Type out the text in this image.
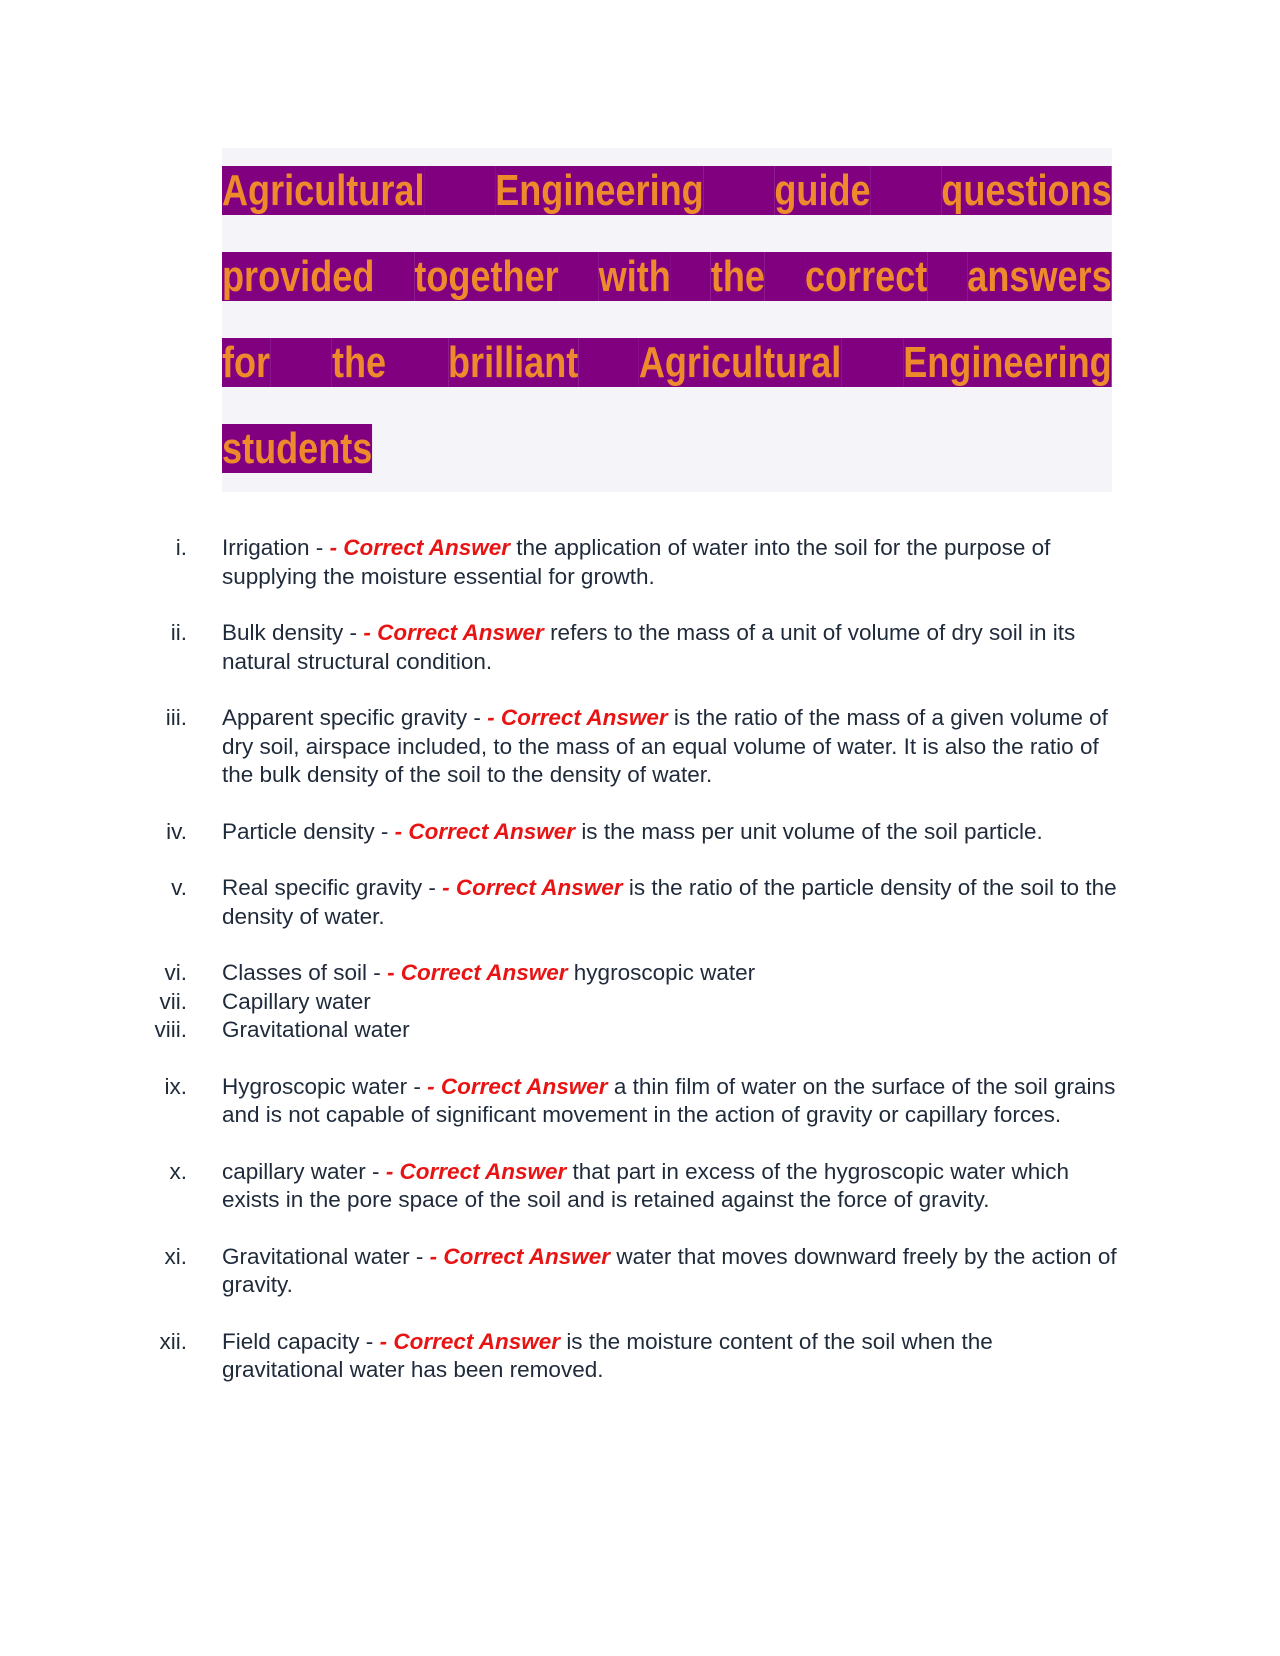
Agricultural Engineering guide questions
provided together with the correct answers
for the brilliant Agricultural Engineering
students
i. Irrigation - - Correct Answer the application of water into the soil for the purpose of supplying the moisture essential for growth.
ii. Bulk density - - Correct Answer refers to the mass of a unit of volume of dry soil in its natural structural condition.
iii. Apparent specific gravity - - Correct Answer is the ratio of the mass of a given volume of dry soil, airspace included, to the mass of an equal volume of water. It is also the ratio of the bulk density of the soil to the density of water.
iv. Particle density - - Correct Answer is the mass per unit volume of the soil particle.
v. Real specific gravity - - Correct Answer is the ratio of the particle density of the soil to the density of water.
vi. Classes of soil - - Correct Answer hygroscopic water
vii. Capillary water
viii. Gravitational water
ix. Hygroscopic water - - Correct Answer a thin film of water on the surface of the soil grains and is not capable of significant movement in the action of gravity or capillary forces.
x. capillary water - - Correct Answer that part in excess of the hygroscopic water which exists in the pore space of the soil and is retained against the force of gravity.
xi. Gravitational water - - Correct Answer water that moves downward freely by the action of gravity.
xii. Field capacity - - Correct Answer is the moisture content of the soil when the gravitational water has been removed.
